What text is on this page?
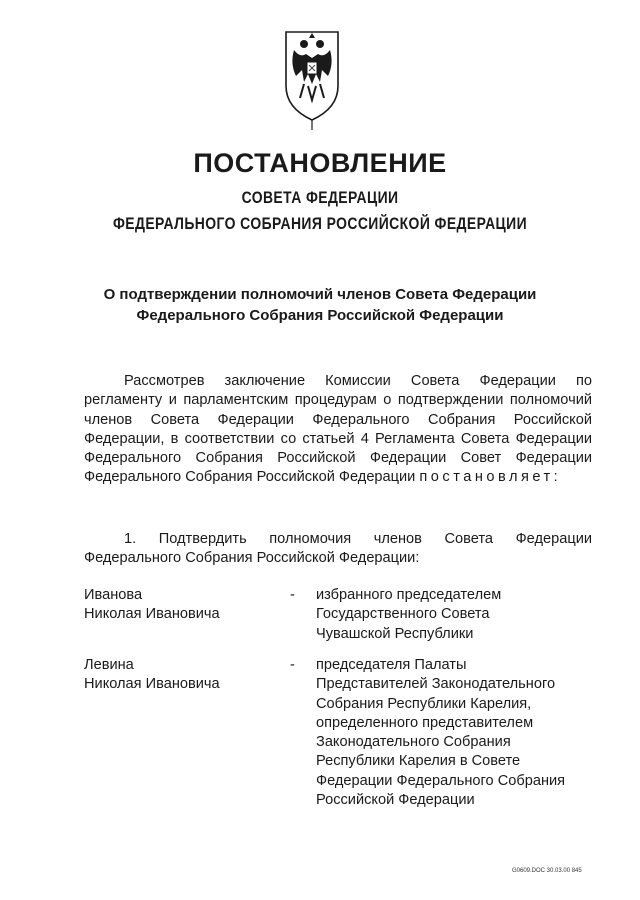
ПОСТАНОВЛЕНИЕ
СОВЕТА ФЕДЕРАЦИИ
ФЕДЕРАЛЬНОГО СОБРАНИЯ РОССИЙСКОЙ ФЕДЕРАЦИИ
О подтверждении полномочий членов Совета Федерации
Федерального Собрания Российской Федерации

Рассмотрев заключение Комиссии Совета Федерации по регламенту и парламентским процедурам о подтверждении полномочий членов Совета Федерации Федерального Собрания Российской Федерации, в соответствии со статьей 4 Регламента Совета Федерации Федерального Собрания Российской Федерации Совет Федерации Федерального Собрания Российской Федерации постановляет:

1. Подтвердить полномочия членов Совета Федерации Федерального Собрания Российской Федерации:

Иванова
Николая Ивановича
-	избранного председателем
Государственного Совета
Чувашской Республики
Левина
Николая Ивановича
-	председателя Палаты
Представителей Законодательного
Собрания Республики Карелия,
определенного представителем
Законодательного Собрания
Республики Карелия в Совете
Федерации Федерального Собрания
Российской Федерации
G0609.DOC 30.03.00 845
